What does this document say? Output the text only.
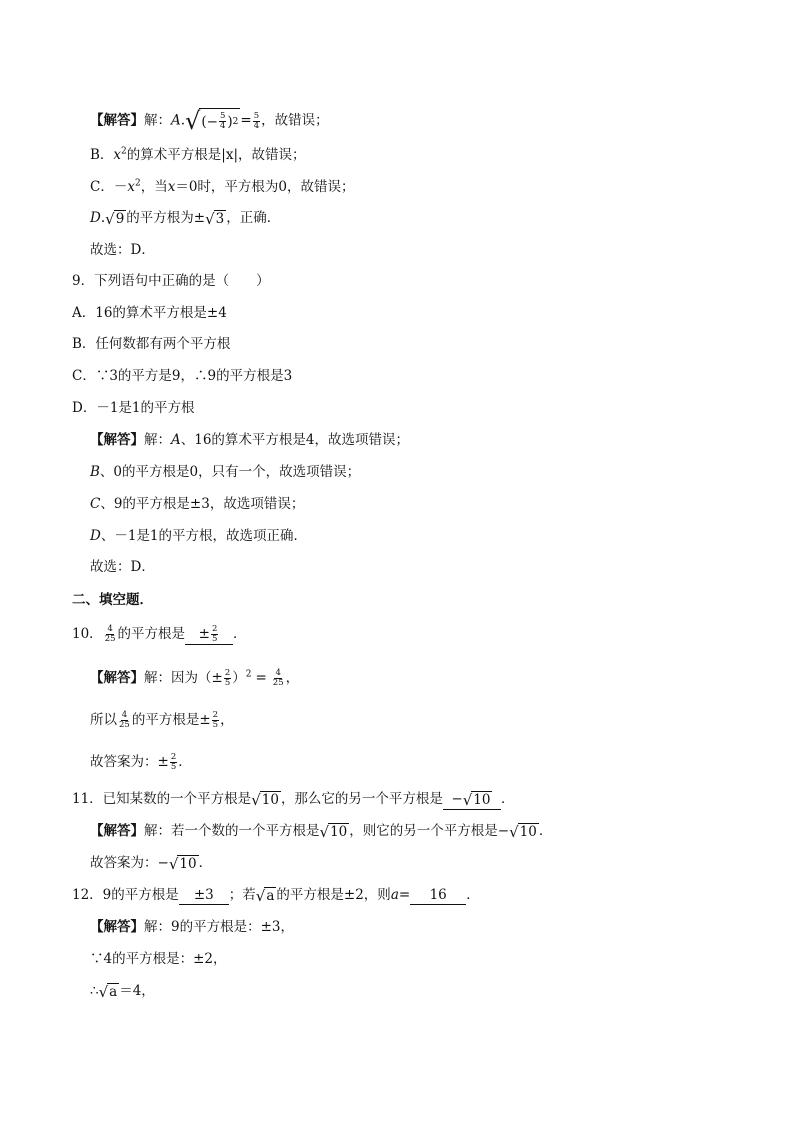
【解答】解：A. √ (− $\frac{5}{4}$ ) $2 = \frac{5}{4}$ ，故错误；
B．$x^2$的算术平方根是|x|，故错误；
C．$-x^2$，当x＝0时，平方根为0，故错误；
D. √ 9 的平方根为± √ 3 ，正确．
故选：D．
9．下列语句中正确的是（　　）
A．16的算术平方根是±4
B．任何数都有两个平方根
C．∵3的平方是9，∴9的平方根是3
D．－1是1的平方根
【解答】解：A、16的算术平方根是4，故选项错误；
B、0的平方根是0，只有一个，故选项错误；
C、9的平方根是±3，故选项错误；
D、－1是1的平方根，故选项正确．
故选：D．
二、填空题．
10． $\frac{4}{25}$ 的平方根是 ± $\frac{2}{5}$ ．
【解答】解：因为（± $\frac{2}{5} )^2 = \frac{4}{25}$ ，
所以 $\frac{4}{25}$ 的平方根是± $\frac{2}{5}$ ，
故答案为：± $\frac{2}{5}$ ．
11．已知某数的一个平方根是 √ 10 ，那么它的另一个平方根是 − √ 10 ．
【解答】解：若一个数的一个平方根是 √ 10 ，则它的另一个平方根是− √ 10 ．
故答案为：− √ 10 ．
12．9的平方根是 ±3 ；若 √ a 的平方根是±2，则a= 16 ．
【解答】解：9的平方根是：±3，
∵4的平方根是：±2，
∴ √ a ＝4，
